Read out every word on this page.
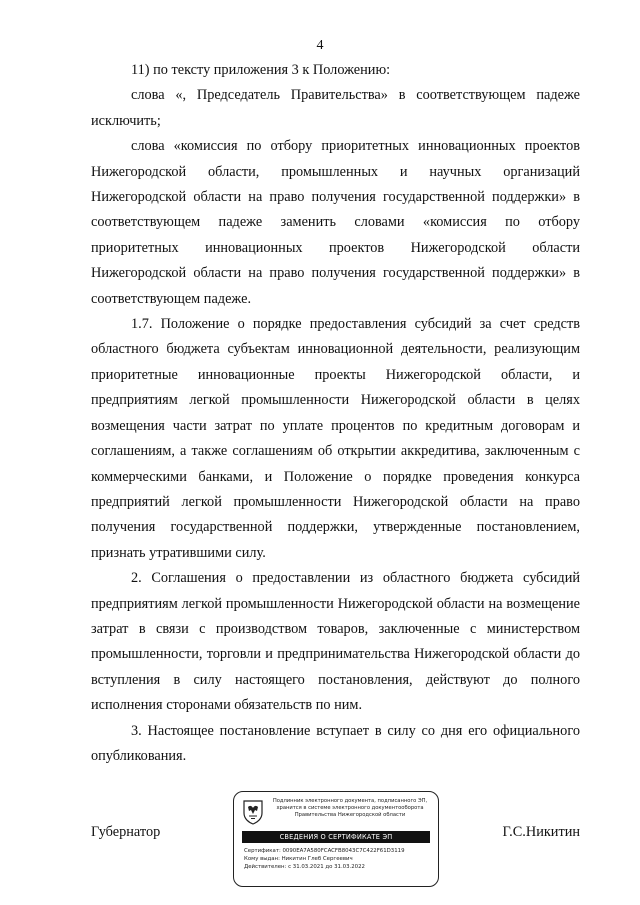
4

11) по тексту приложения 3 к Положению:

слова «, Председатель Правительства» в соответствующем падеже исключить;

слова «комиссия по отбору приоритетных инновационных проектов Нижегородской области, промышленных и научных организаций Нижегородской области на право получения государственной поддержки» в соответствующем падеже заменить словами «комиссия по отбору приоритетных инновационных проектов Нижегородской области Нижегородской области на право получения государственной поддержки» в соответствующем падеже.

1.7. Положение о порядке предоставления субсидий за счет средств областного бюджета субъектам инновационной деятельности, реализующим приоритетные инновационные проекты Нижегородской области, и предприятиям легкой промышленности Нижегородской области в целях возмещения части затрат по уплате процентов по кредитным договорам и соглашениям, а также соглашениям об открытии аккредитива, заключенным с коммерческими банками, и Положение о порядке проведения конкурса предприятий легкой промышленности Нижегородской области на право получения государственной поддержки, утвержденные постановлением, признать утратившими силу.

2. Соглашения о предоставлении из областного бюджета субсидий предприятиям легкой промышленности Нижегородской области на возмещение затрат в связи с производством товаров, заключенные с министерством промышленности, торговли и предпринимательства Нижегородской области до вступления в силу настоящего постановления, действуют до полного исполнения сторонами обязательств по ним.

3. Настоящее постановление вступает в силу со дня его официального опубликования.

Губернатор	Г.С.Никитин
Подлинник электронного документа, подписанного ЭП, хранится в системе электронного документооборота Правительства Нижегородской области
СВЕДЕНИЯ О СЕРТИФИКАТЕ ЭП
Сертификат: 0090EA7A580FCACFB8043C7C422F61D3119
Кому выдан: Никитин Глеб Сергеевич
Действителен: с 31.03.2021 до 31.03.2022
